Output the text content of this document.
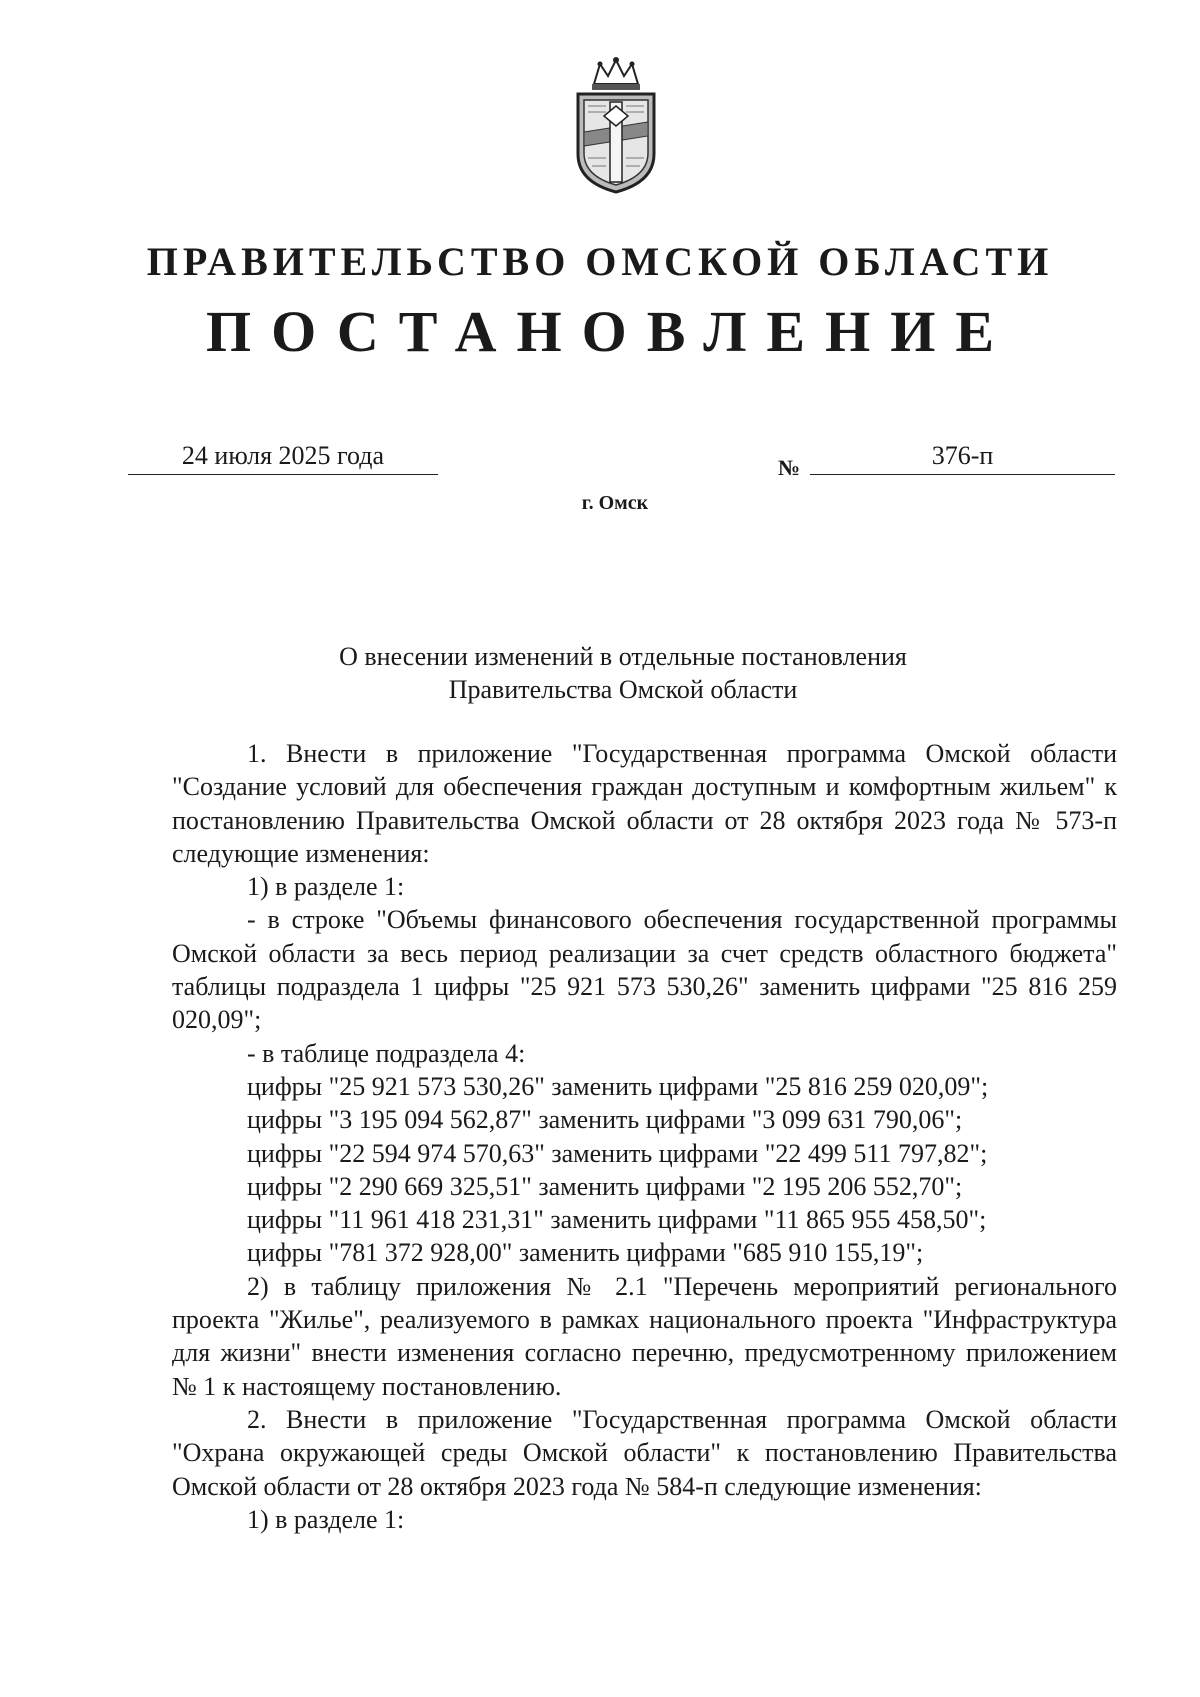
ПРАВИТЕЛЬСТВО ОМСКОЙ ОБЛАСТИ
ПОСТАНОВЛЕНИЕ
24 июля 2025 года	№	376-п
г. Омск
О внесении изменений в отдельные постановления
Правительства Омской области

1. Внести в приложение "Государственная программа Омской области "Создание условий для обеспечения граждан доступным и комфортным жильем" к постановлению Правительства Омской области от 28 октября 2023 года № 573-п следующие изменения:

1) в разделе 1:

- в строке "Объемы финансового обеспечения государственной программы Омской области за весь период реализации за счет средств областного бюджета" таблицы подраздела 1 цифры "25 921 573 530,26" заменить цифрами "25 816 259 020,09";

- в таблице подраздела 4:

цифры "25 921 573 530,26" заменить цифрами "25 816 259 020,09";

цифры "3 195 094 562,87" заменить цифрами "3 099 631 790,06";

цифры "22 594 974 570,63" заменить цифрами "22 499 511 797,82";

цифры "2 290 669 325,51" заменить цифрами "2 195 206 552,70";

цифры "11 961 418 231,31" заменить цифрами "11 865 955 458,50";

цифры "781 372 928,00" заменить цифрами "685 910 155,19";

2) в таблицу приложения № 2.1 "Перечень мероприятий регионального проекта "Жилье", реализуемого в рамках национального проекта "Инфраструктура для жизни" внести изменения согласно перечню, предусмотренному приложением № 1 к настоящему постановлению.

2. Внести в приложение "Государственная программа Омской области "Охрана окружающей среды Омской области" к постановлению Правительства Омской области от 28 октября 2023 года № 584-п следующие изменения:

1) в разделе 1:
